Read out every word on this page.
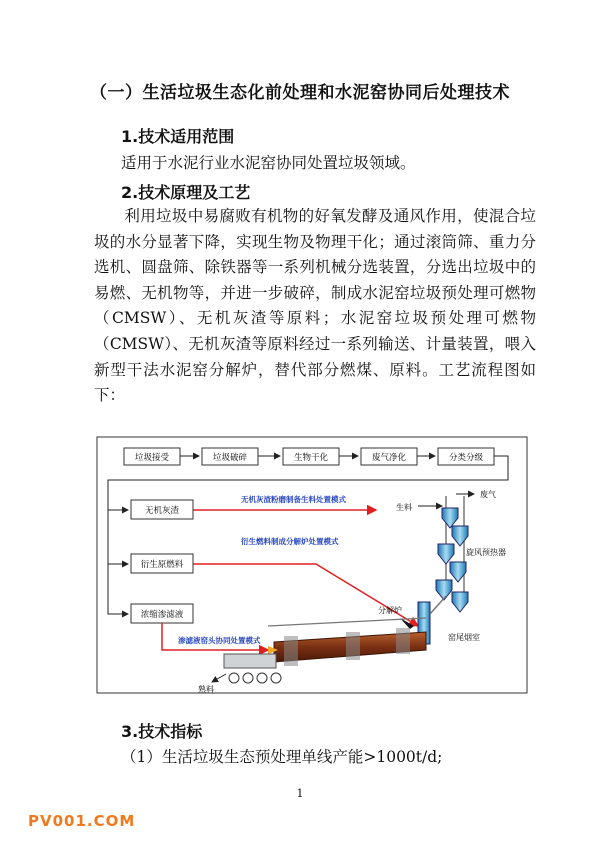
（一）生活垃圾生态化前处理和水泥窑协同后处理技术
1.技术适用范围
适用于水泥行业水泥窑协同处置垃圾领域。
2.技术原理及工艺
利用垃圾中易腐败有机物的好氧发酵及通风作用，使混合垃圾的水分显著下降，实现生物及物理干化；通过滚筒筛、重力分选机、圆盘筛、除铁器等一系列机械分选装置，分选出垃圾中的易燃、无机物等，并进一步破碎，制成水泥窑垃圾预处理可燃物（CMSW）、无机灰渣等原料；水泥窑垃圾预处理可燃物（CMSW）、无机灰渣等原料经过一系列输送、计量装置，喂入新型干法水泥窑分解炉，替代部分燃煤、原料。工艺流程图如下：
垃圾接受	垃圾破碎	生物干化	废气净化	分类分级
无机灰渣
衍生原燃料
浓缩渗滤液
无机灰渣粉磨制备生料处置模式
衍生燃料制成分解炉处置模式
渗滤液窑头协同处置模式
生料
废气
旋风预热器
分解炉
窑尾烟室
熟料
3.技术指标
（1）生活垃圾生态预处理单线产能>1000t/d;
1
PV001.COM
